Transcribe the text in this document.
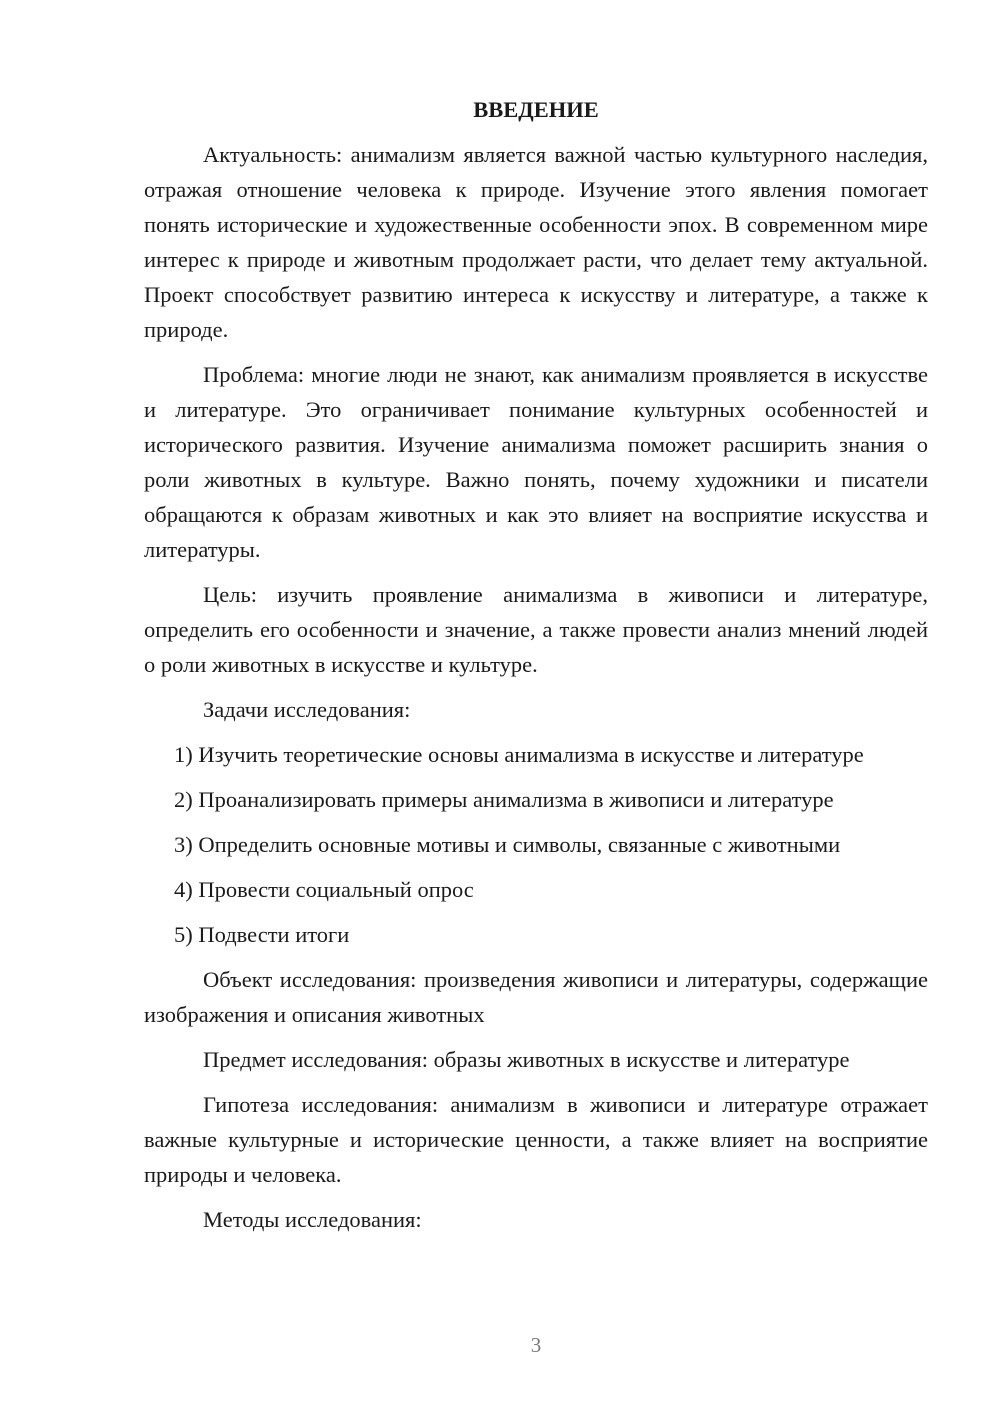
ВВЕДЕНИЕ

Актуальность: анимализм является важной частью культурного наследия, отражая отношение человека к природе. Изучение этого явления помогает понять исторические и художественные особенности эпох. В современном мире интерес к природе и животным продолжает расти, что делает тему актуальной. Проект способствует развитию интереса к искусству и литературе, а также к природе.

Проблема: многие люди не знают, как анимализм проявляется в искусстве и литературе. Это ограничивает понимание культурных особенностей и исторического развития. Изучение анимализма поможет расширить знания о роли животных в культуре. Важно понять, почему художники и писатели обращаются к образам животных и как это влияет на восприятие искусства и литературы.

Цель: изучить проявление анимализма в живописи и литературе, определить его особенности и значение, а также провести анализ мнений людей о роли животных в искусстве и культуре.

Задачи исследования:

1) Изучить теоретические основы анимализма в искусстве и литературе

2) Проанализировать примеры анимализма в живописи и литературе

3) Определить основные мотивы и символы, связанные с животными

4) Провести социальный опрос

5) Подвести итоги

Объект исследования: произведения живописи и литературы, содержащие изображения и описания животных

Предмет исследования: образы животных в искусстве и литературе

Гипотеза исследования: анимализм в живописи и литературе отражает важные культурные и исторические ценности, а также влияет на восприятие природы и человека.

Методы исследования:

3
